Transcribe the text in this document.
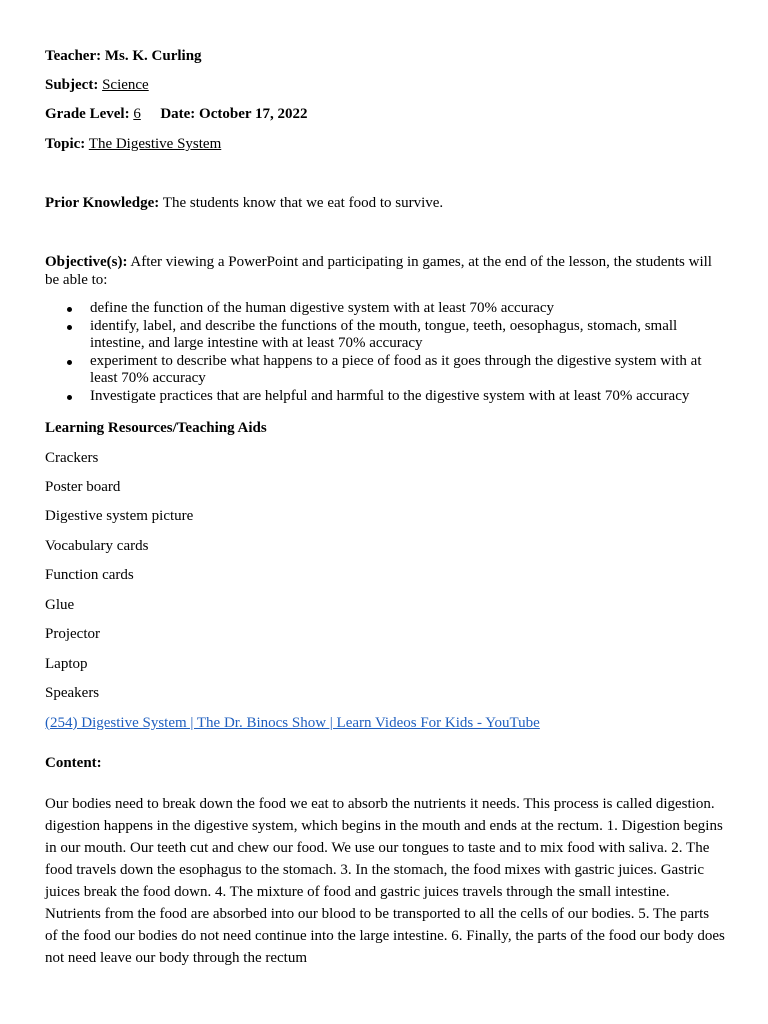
Teacher: Ms. K. Curling
Subject: Science
Grade Level: 6 Date: October 17, 2022
Topic: The Digestive System
Prior Knowledge: The students know that we eat food to survive.
Objective(s): After viewing a PowerPoint and participating in games, at the end of the lesson, the students will be able to:
define the function of the human digestive system with at least 70% accuracy
identify, label, and describe the functions of the mouth, tongue, teeth, oesophagus, stomach, small intestine, and large intestine with at least 70% accuracy
experiment to describe what happens to a piece of food as it goes through the digestive system with at least 70% accuracy
Investigate practices that are helpful and harmful to the digestive system with at least 70% accuracy
Learning Resources/Teaching Aids
Crackers
Poster board
Digestive system picture
Vocabulary cards
Function cards
Glue
Projector
Laptop
Speakers
(254) Digestive System | The Dr. Binocs Show | Learn Videos For Kids - YouTube
Content:
Our bodies need to break down the food we eat to absorb the nutrients it needs. This process is called digestion. digestion happens in the digestive system, which begins in the mouth and ends at the rectum. 1. Digestion begins in our mouth. Our teeth cut and chew our food. We use our tongues to taste and to mix food with saliva. 2. The food travels down the esophagus to the stomach. 3. In the stomach, the food mixes with gastric juices. Gastric juices break the food down. 4. The mixture of food and gastric juices travels through the small intestine. Nutrients from the food are absorbed into our blood to be transported to all the cells of our bodies. 5. The parts of the food our bodies do not need continue into the large intestine. 6. Finally, the parts of the food our body does not need leave our body through the rectum
